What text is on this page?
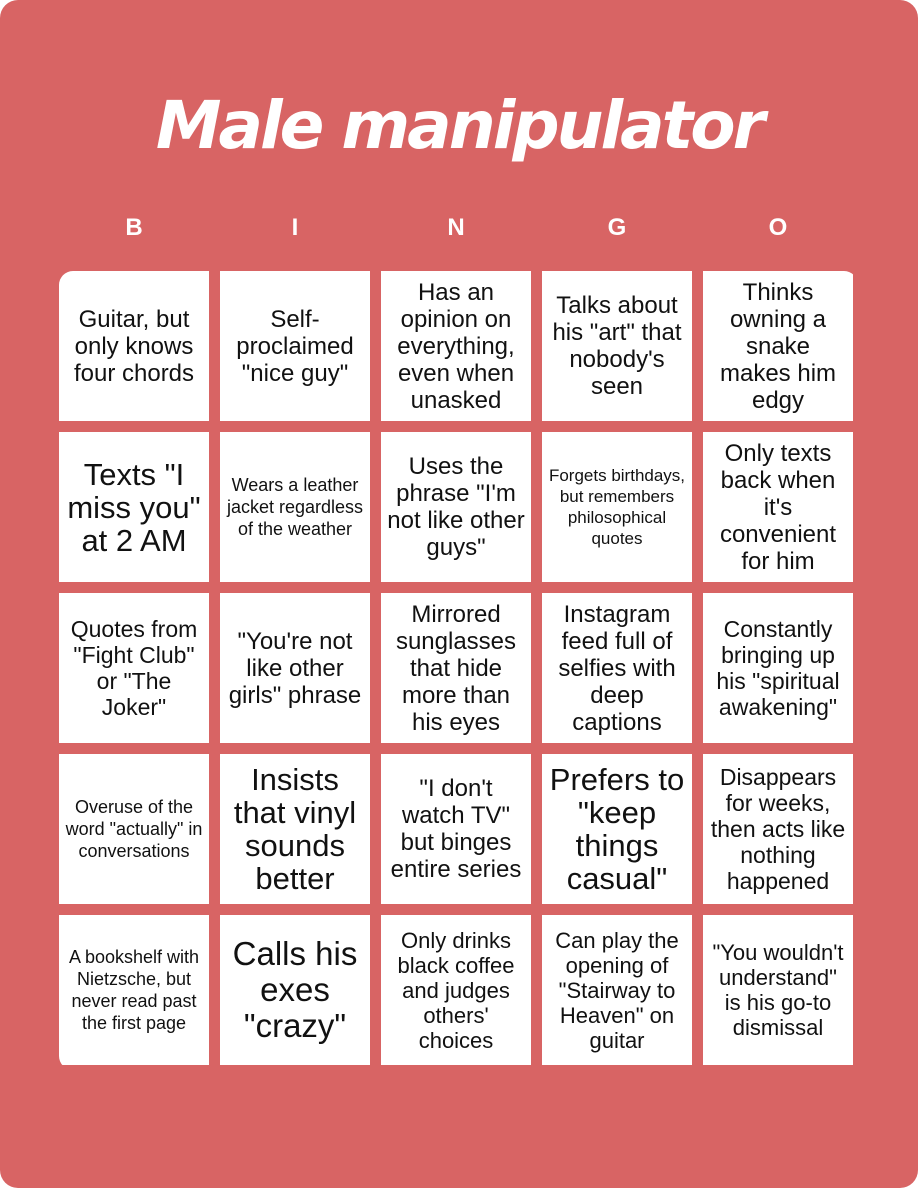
Male manipulator
B	I	N	G	O
Guitar, but only knows four chords
Self-proclaimed "nice guy"
Has an opinion on everything, even when unasked
Talks about his "art" that nobody's seen
Thinks owning a snake makes him edgy
Texts "I miss you" at 2 AM
Wears a leather jacket regardless of the weather
Uses the phrase "I'm not like other guys"
Forgets birthdays, but remembers philosophical quotes
Only texts back when it's convenient for him
Quotes from "Fight Club" or "The Joker"
"You're not like other girls" phrase
Mirrored sunglasses that hide more than his eyes
Instagram feed full of selfies with deep captions
Constantly bringing up his "spiritual awakening"
Overuse of the word "actually" in conversations
Insists that vinyl sounds better
"I don't watch TV" but binges entire series
Prefers to "keep things casual"
Disappears for weeks, then acts like nothing happened
A bookshelf with Nietzsche, but never read past the first page
Calls his exes "crazy"
Only drinks black coffee and judges others' choices
Can play the opening of "Stairway to Heaven" on guitar
"You wouldn't understand" is his go-to dismissal
